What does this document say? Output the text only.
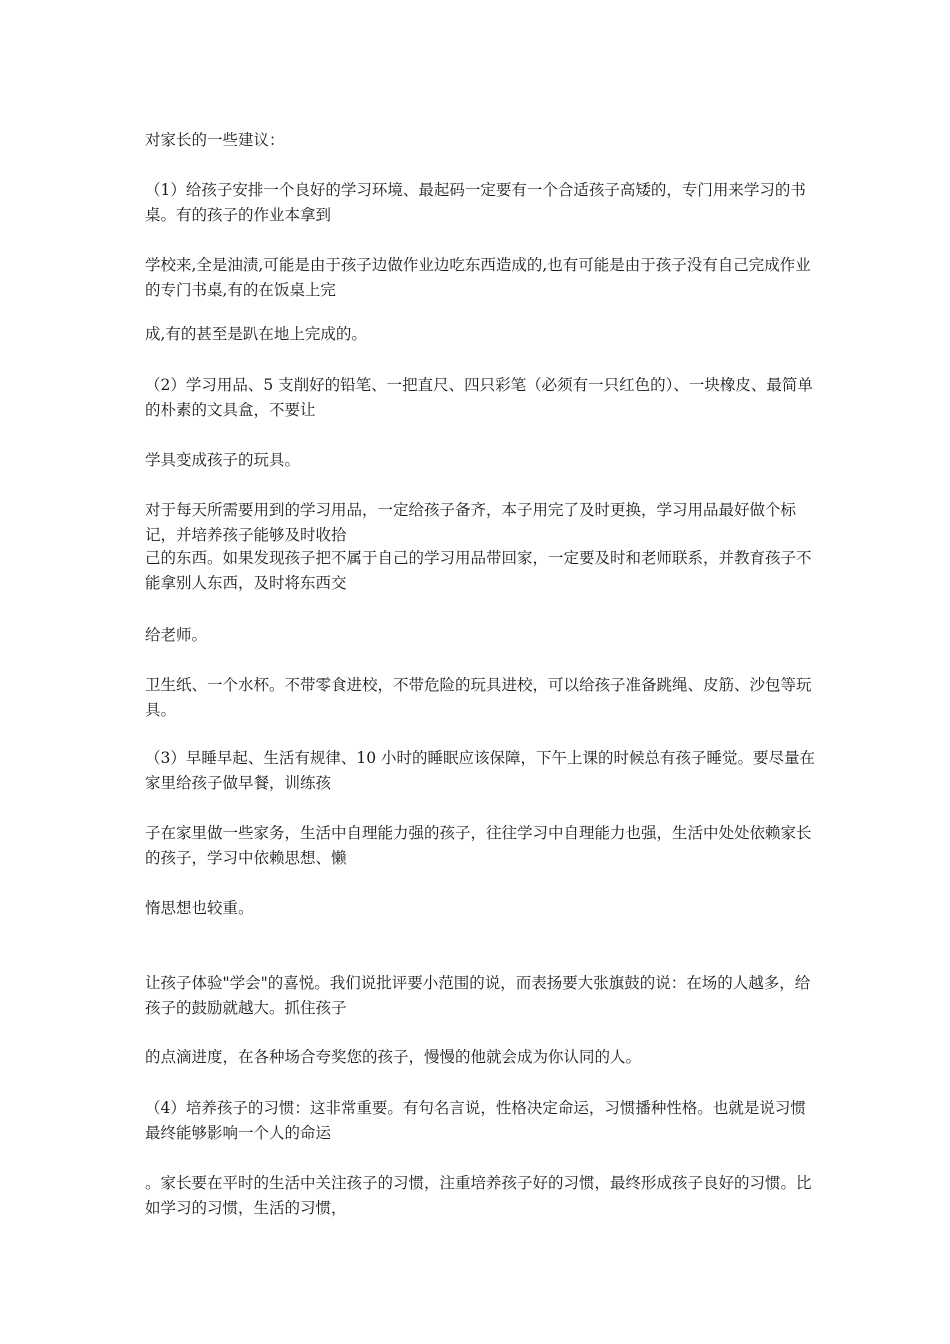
对家长的一些建议：

（1）给孩子安排一个良好的学习环境、最起码一定要有一个合适孩子高矮的，专门用来学习的书桌。有的孩子的作业本拿到

学校来,全是油渍,可能是由于孩子边做作业边吃东西造成的,也有可能是由于孩子没有自己完成作业的专门书桌,有的在饭桌上完

成,有的甚至是趴在地上完成的。

（2）学习用品、5 支削好的铅笔、一把直尺、四只彩笔（必须有一只红色的）、一块橡皮、最简单的朴素的文具盒，不要让

学具变成孩子的玩具。

对于每天所需要用到的学习用品，一定给孩子备齐，本子用完了及时更换，学习用品最好做个标记，并培养孩子能够及时收拾

己的东西。如果发现孩子把不属于自己的学习用品带回家，一定要及时和老师联系，并教育孩子不能拿别人东西，及时将东西交

给老师。

卫生纸、一个水杯。不带零食进校，不带危险的玩具进校，可以给孩子准备跳绳、皮筋、沙包等玩具。

（3）早睡早起、生活有规律、10 小时的睡眠应该保障，下午上课的时候总有孩子睡觉。要尽量在家里给孩子做早餐，训练孩

子在家里做一些家务，生活中自理能力强的孩子，往往学习中自理能力也强，生活中处处依赖家长的孩子，学习中依赖思想、懒

惰思想也较重。

让孩子体验"学会"的喜悦。我们说批评要小范围的说，而表扬要大张旗鼓的说：在场的人越多，给孩子的鼓励就越大。抓住孩子

的点滴进度，在各种场合夸奖您的孩子，慢慢的他就会成为你认同的人。

（4）培养孩子的习惯：这非常重要。有句名言说，性格决定命运，习惯播种性格。也就是说习惯最终能够影响一个人的命运

。家长要在平时的生活中关注孩子的习惯，注重培养孩子好的习惯，最终形成孩子良好的习惯。比如学习的习惯，生活的习惯，
